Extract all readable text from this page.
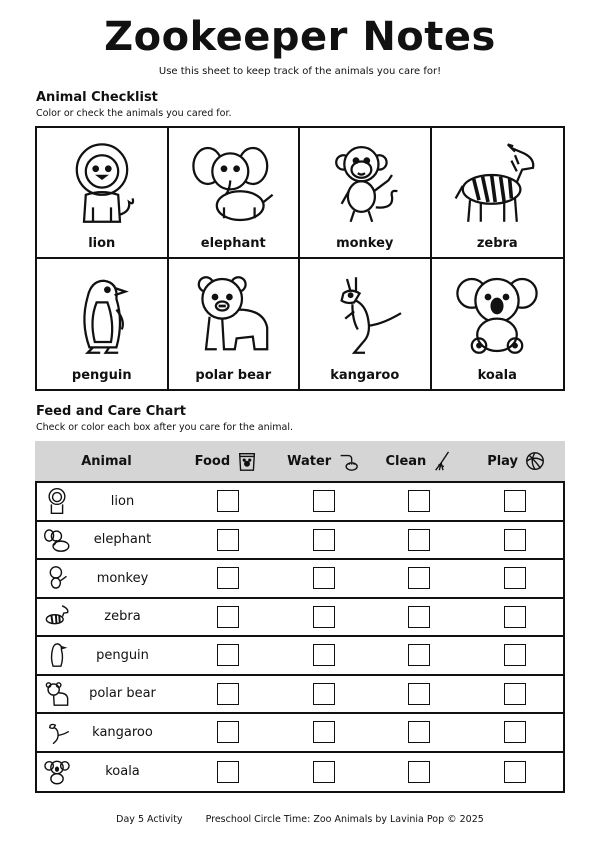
Zookeeper Notes
Use this sheet to keep track of the animals you care for!
Animal Checklist
Color or check the animals you cared for.
lion	elephant	monkey	zebra
penguin	polar bear	kangaroo	koala
Feed and Care Chart
Check or color each box after you care for the animal.
Animal	Food	Water	Clean	Play
lion
elephant
monkey
zebra
penguin
polar bear
kangaroo
koala
Day 5 Activity Preschool Circle Time: Zoo Animals by Lavinia Pop © 2025
